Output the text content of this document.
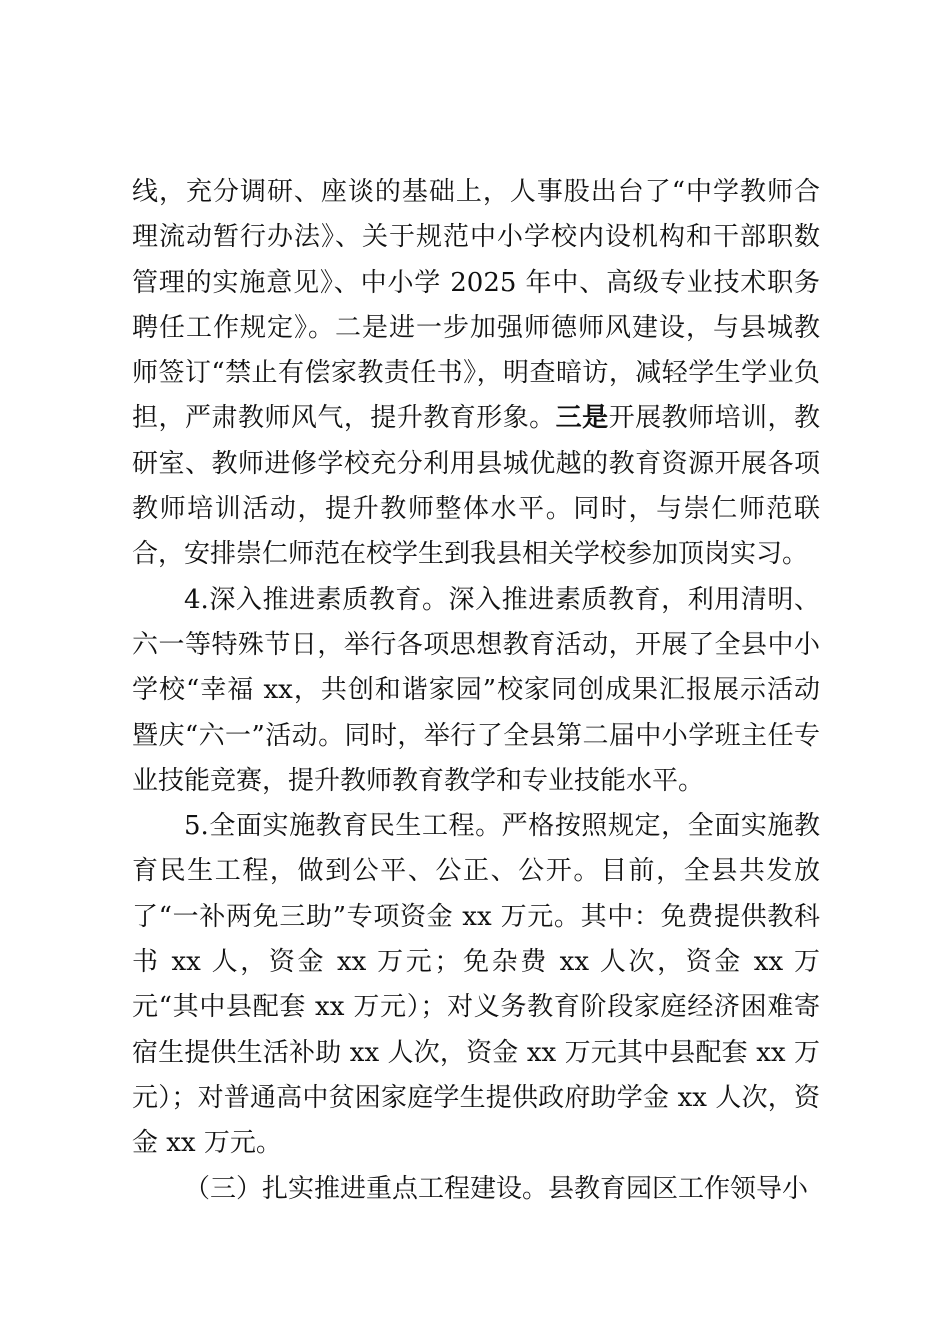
线，充分调研、座谈的基础上，人事股出台了“中学教师合理流动暂行办法》、关于规范中小学校内设机构和干部职数管理的实施意见》、中小学 2025 年中、高级专业技术职务聘任工作规定》。二是进一步加强师德师风建设，与县城教师签订“禁止有偿家教责任书》，明查暗访，减轻学生学业负担，严肃教师风气，提升教育形象。三是开展教师培训，教研室、教师进修学校充分利用县城优越的教育资源开展各项教师培训活动，提升教师整体水平。同时，与崇仁师范联合，安排崇仁师范在校学生到我县相关学校参加顶岗实习。

4.深入推进素质教育。深入推进素质教育，利用清明、六一等特殊节日，举行各项思想教育活动，开展了全县中小学校“幸福 xx，共创和谐家园”校家同创成果汇报展示活动暨庆“六一”活动。同时，举行了全县第二届中小学班主任专业技能竞赛，提升教师教育教学和专业技能水平。

5.全面实施教育民生工程。严格按照规定，全面实施教育民生工程，做到公平、公正、公开。目前，全县共发放了“一补两免三助”专项资金 xx 万元。其中：免费提供教科书 xx 人，资金 xx 万元；免杂费 xx 人次，资金 xx 万元“其中县配套 xx 万元）；对义务教育阶段家庭经济困难寄宿生提供生活补助 xx 人次，资金 xx 万元其中县配套 xx 万元）；对普通高中贫困家庭学生提供政府助学金 xx 人次，资金 xx 万元。

（三）扎实推进重点工程建设。县教育园区工作领导小
